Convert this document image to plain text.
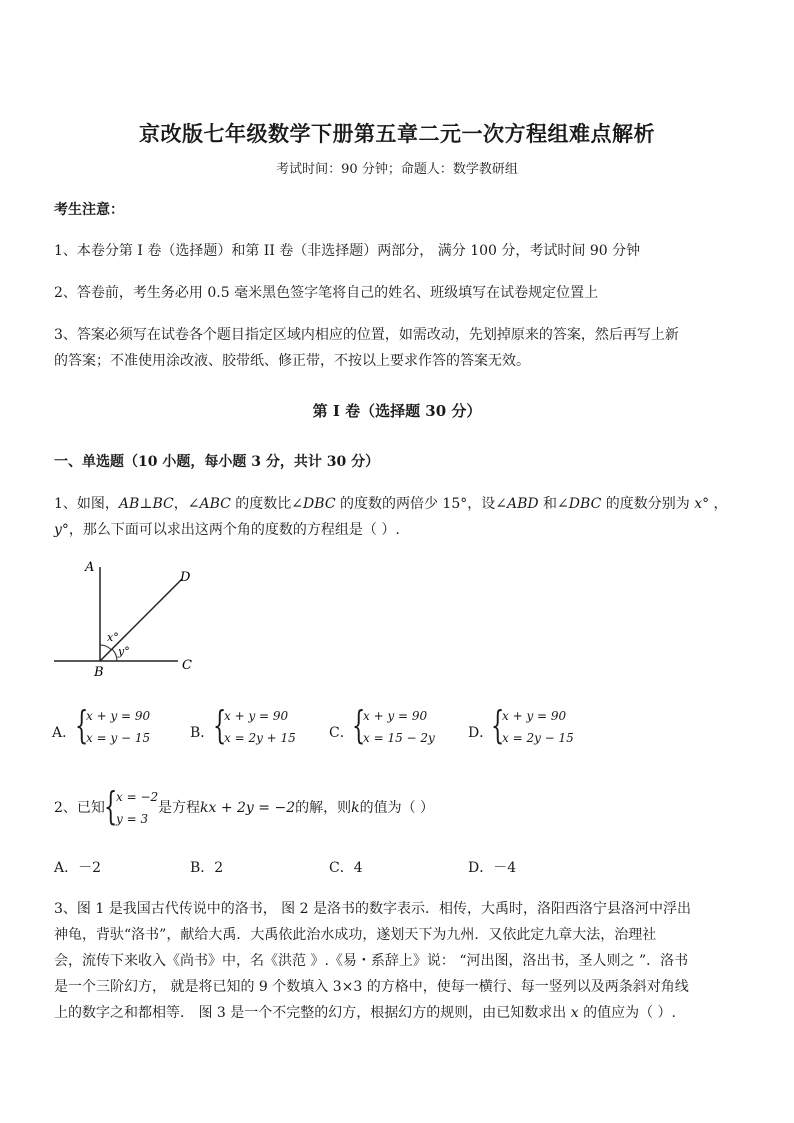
京改版七年级数学下册第五章二元一次方程组难点解析
考试时间：90 分钟；命题人：数学教研组
考生注意：
1、本卷分第 I 卷（选择题）和第 II 卷（非选择题）两部分， 满分 100 分，考试时间 90 分钟
2、答卷前，考生务必用 0.5 毫米黑色签字笔将自己的姓名、班级填写在试卷规定位置上
3、答案必须写在试卷各个题目指定区域内相应的位置，如需改动，先划掉原来的答案，然后再写上新
的答案；不准使用涂改液、胶带纸、修正带，不按以上要求作答的答案无效。
第 I 卷（选择题 30 分）
一、单选题（10 小题，每小题 3 分，共计 30 分）
1、如图，AB⊥BC，∠ABC 的度数比∠DBC 的度数的两倍少 15°，设∠ABD 和∠DBC 的度数分别为 x° ，
y°，那么下面可以求出这两个角的度数的方程组是（ ）.
A
B	C
D
x°
y°
A．
{
x + y = 90
x = y − 15	B．
{
x + y = 90
x = 2y + 15 C．
{
x + y = 90
x = 15 − 2y D．
{
x + y = 90
x = 2y − 15
2、已知 {
x = −2
y = 3
是方程kx + 2y = −2的解，则k的值为（ ）
A．－2	B．2	C．4	D．－4
3、图 1 是我国古代传说中的洛书， 图 2 是洛书的数字表示．相传，大禹时，洛阳西洛宁县洛河中浮出
神龟，背驮“洛书”，献给大禹．大禹依此治水成功，遂划天下为九州．又依此定九章大法，治理社
会，流传下来收入《尚书》中，名《洪范 》.《易・系辞上》说： “河出图，洛出书，圣人则之 ”．洛书
是一个三阶幻方， 就是将已知的 9 个数填入 3×3 的方格中，使每一横行、每一竖列以及两条斜对角线
上的数字之和都相等． 图 3 是一个不完整的幻方，根据幻方的规则，由已知数求出 x 的值应为（ ）.
